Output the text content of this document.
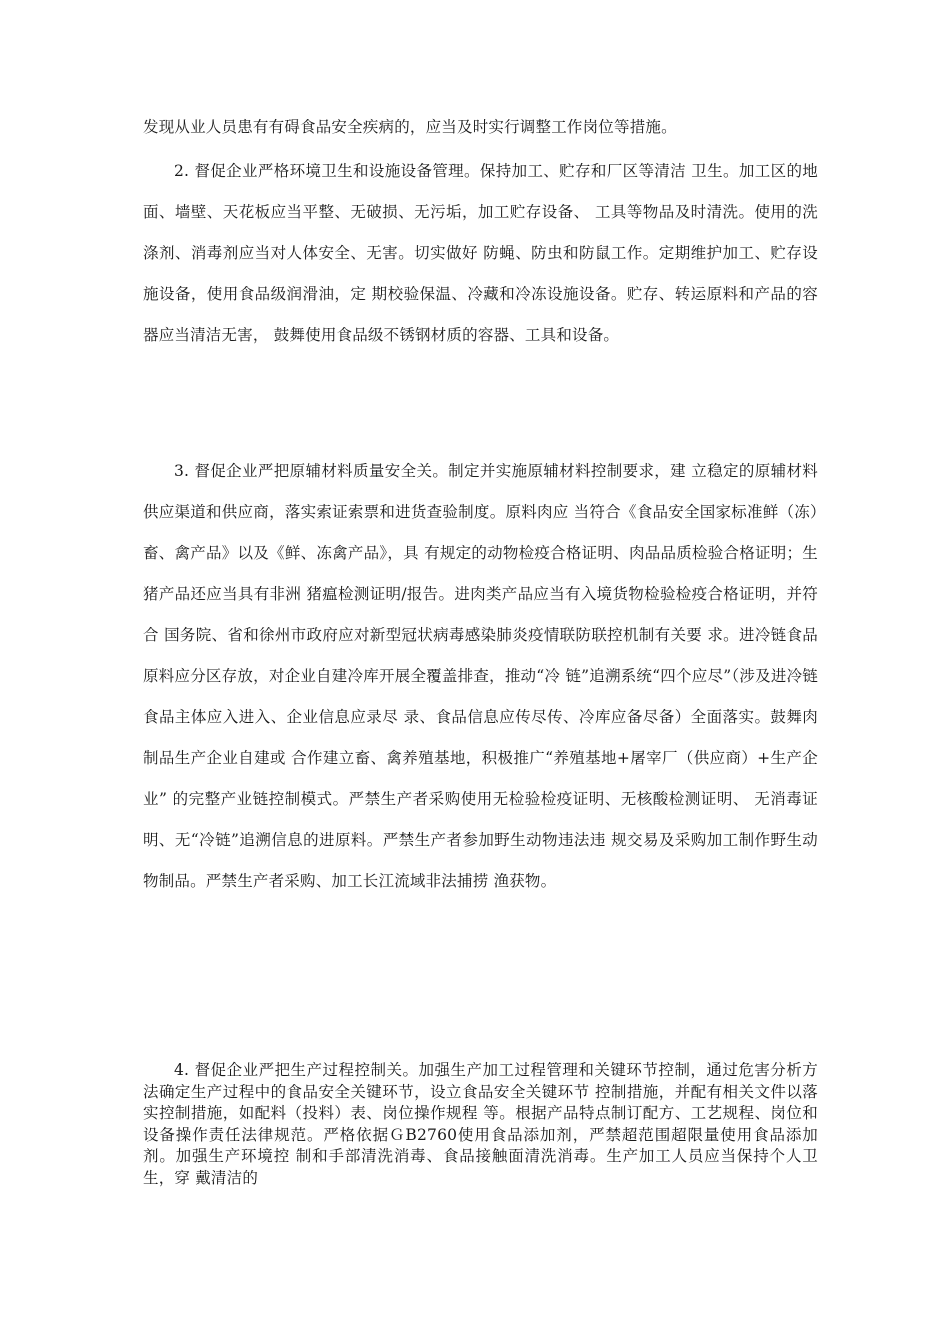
发现从业人员患有有碍食品安全疾病的，应当及时实行调整工作岗位等措施。

2. 督促企业严格环境卫生和设施设备管理。保持加工、贮存和厂区等清洁 卫生。加工区的地面、墙壁、天花板应当平整、无破损、无污垢，加工贮存设备、 工具等物品及时清洗。使用的洗涤剂、消毒剂应当对人体安全、无害。切实做好 防蝇、防虫和防鼠工作。定期维护加工、贮存设施设备，使用食品级润滑油，定 期校验保温、冷藏和冷冻设施设备。贮存、转运原料和产品的容器应当清洁无害， 鼓舞使用食品级不锈钢材质的容器、工具和设备。

3. 督促企业严把原辅材料质量安全关。制定并实施原辅材料控制要求，建 立稳定的原辅材料供应渠道和供应商，落实索证索票和进货查验制度。原料肉应 当符合《食品安全国家标准鲜（冻）畜、禽产品》以及《鲜、冻禽产品》，具 有规定的动物检疫合格证明、肉品品质检验合格证明；生猪产品还应当具有非洲 猪瘟检测证明/报告。进肉类产品应当有入境货物检验检疫合格证明，并符合 国务院、省和徐州市政府应对新型冠状病毒感染肺炎疫情联防联控机制有关要 求。进冷链食品原料应分区存放，对企业自建冷库开展全覆盖排查，推动“冷 链”追溯系统“四个应尽”（涉及进冷链食品主体应入进入、企业信息应录尽 录、食品信息应传尽传、冷库应备尽备）全面落实。鼓舞肉制品生产企业自建或 合作建立畜、禽养殖基地，积极推广“养殖基地+屠宰厂（供应商）+生产企业” 的完整产业链控制模式。严禁生产者采购使用无检验检疫证明、无核酸检测证明、 无消毒证明、无“冷链”追溯信息的进原料。严禁生产者参加野生动物违法违 规交易及采购加工制作野生动物制品。严禁生产者采购、加工长江流域非法捕捞 渔获物。

4. 督促企业严把生产过程控制关。加强生产加工过程管理和关键环节控制，通过危害分析方法确定生产过程中的食品安全关键环节，设立食品安全关键环节 控制措施，并配有相关文件以落实控制措施，如配料（投料）表、岗位操作规程 等。根据产品特点制订配方、工艺规程、岗位和设备操作责任法律规范。严格依据ＧB2760使用食品添加剂，严禁超范围超限量使用食品添加剂。加强生产环境控 制和手部清洗消毒、食品接触面清洗消毒。生产加工人员应当保持个人卫生，穿 戴清洁的
